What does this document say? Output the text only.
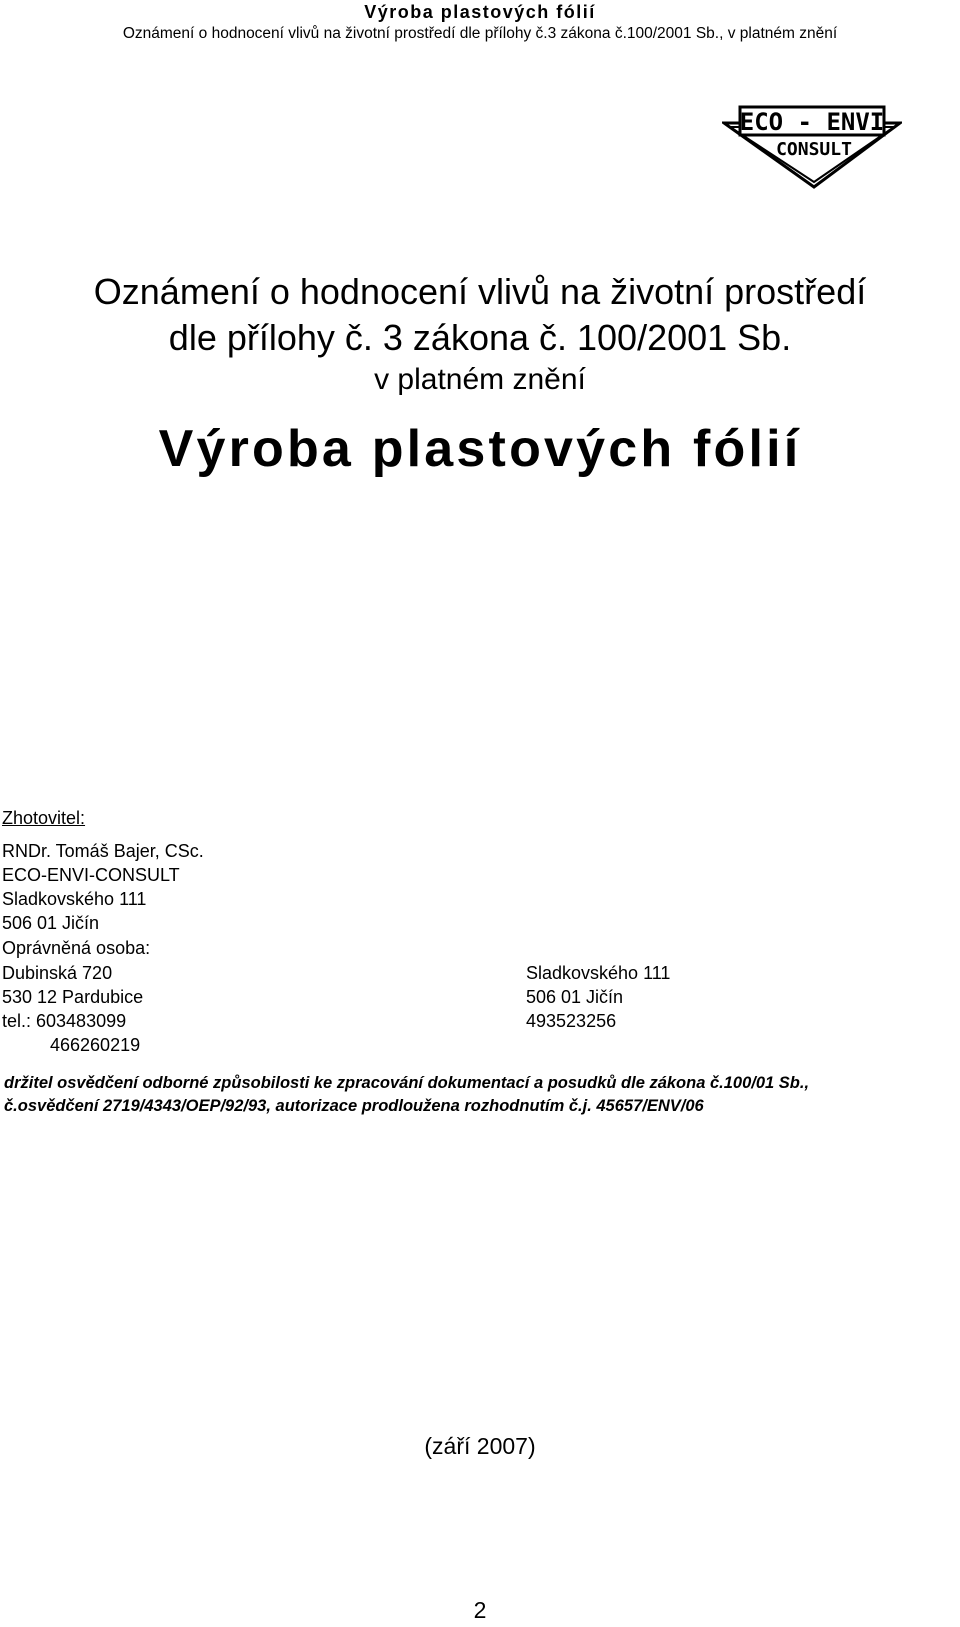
Výroba plastových fólií
Oznámení o hodnocení vlivů na životní prostředí dle přílohy č.3 zákona č.100/2001 Sb., v platném znění
ECO - ENVI
CONSULT
Oznámení o hodnocení vlivů na životní prostředí
dle přílohy č. 3 zákona č. 100/2001 Sb.
v platném znění
Výroba plastových fólií
Zhotovitel:
RNDr. Tomáš Bajer, CSc.
ECO-ENVI-CONSULT
Sladkovského 111
506 01 Jičín
Oprávněná osoba:
Dubinská 720
530 12 Pardubice
tel.: 603483099
466260219
Sladkovského 111
506 01 Jičín
493523256
držitel osvědčení odborné způsobilosti ke zpracování dokumentací a posudků dle zákona č.100/01 Sb.,
č.osvědčení 2719/4343/OEP/92/93, autorizace prodloužena rozhodnutím č.j. 45657/ENV/06
(září 2007)
2
